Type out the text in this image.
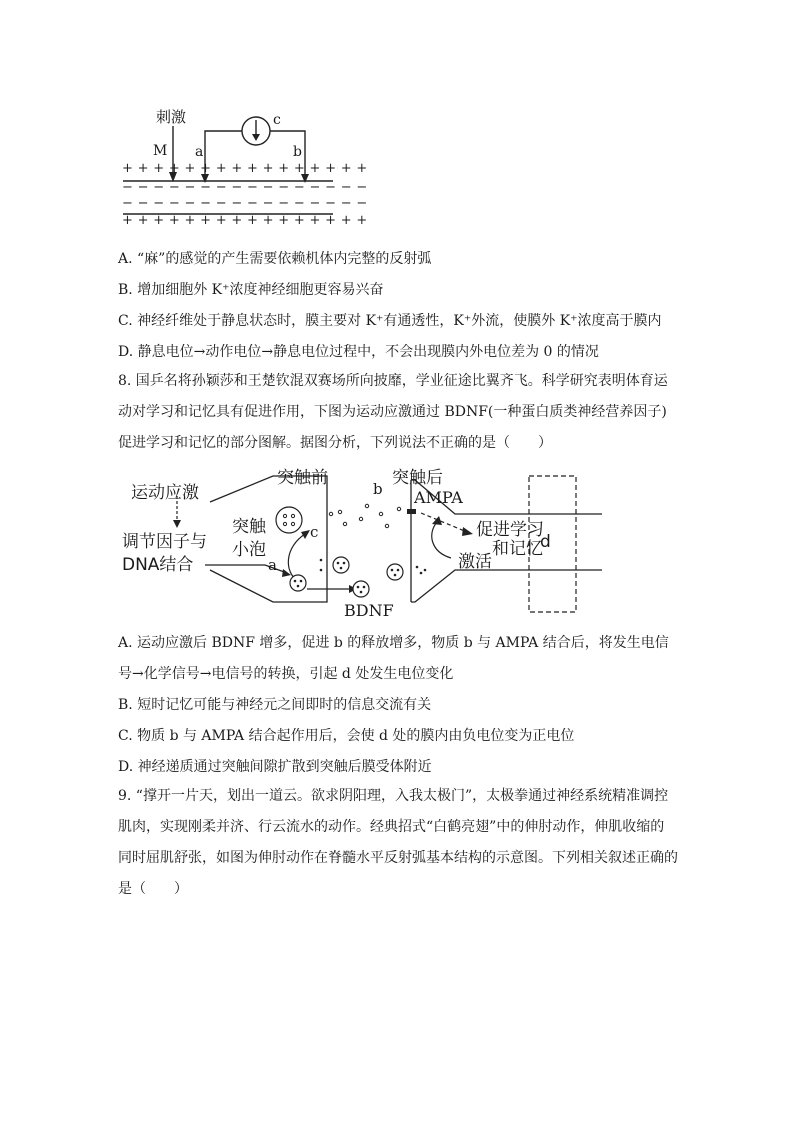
刺激
M a	b
c
+ + + + + + + + + + + + + + + +
− − − − − − − − − − − − − − − −
− − − − − − − − − − − − − − − −
+ + + + + + + + + + + + + + + +
A. “麻”的感觉的产生需要依赖机体内完整的反射弧
B. 增加细胞外 K⁺浓度神经细胞更容易兴奋
C. 神经纤维处于静息状态时，膜主要对 K⁺有通透性，K⁺外流，使膜外 K⁺浓度高于膜内
D. 静息电位→动作电位→静息电位过程中，不会出现膜内外电位差为 0 的情况
8. 国乒名将孙颖莎和王楚钦混双赛场所向披靡，学业征途比翼齐飞。科学研究表明体育运动对学习和记忆具有促进作用，下图为运动应激通过 BDNF(一种蛋白质类神经营养因子)促进学习和记忆的部分图解。据图分析，下列说法不正确的是（　　）
运动应激
调节因子与
DNA结合
突触前	突触后
突触
小泡
a
b
c	d
AMPA
促进学习
和记忆
激活
BDNF
A. 运动应激后 BDNF 增多，促进 b 的释放增多，物质 b 与 AMPA 结合后，将发生电信号→化学信号→电信号的转换，引起 d 处发生电位变化
B. 短时记忆可能与神经元之间即时的信息交流有关
C. 物质 b 与 AMPA 结合起作用后，会使 d 处的膜内由负电位变为正电位
D. 神经递质通过突触间隙扩散到突触后膜受体附近
9. “撑开一片天，划出一道云。欲求阴阳理，入我太极门”，太极拳通过神经系统精准调控肌肉，实现刚柔并济、行云流水的动作。经典招式“白鹤亮翅”中的伸肘动作，伸肌收缩的同时屈肌舒张，如图为伸肘动作在脊髓水平反射弧基本结构的示意图。下列相关叙述正确的是（　　）
